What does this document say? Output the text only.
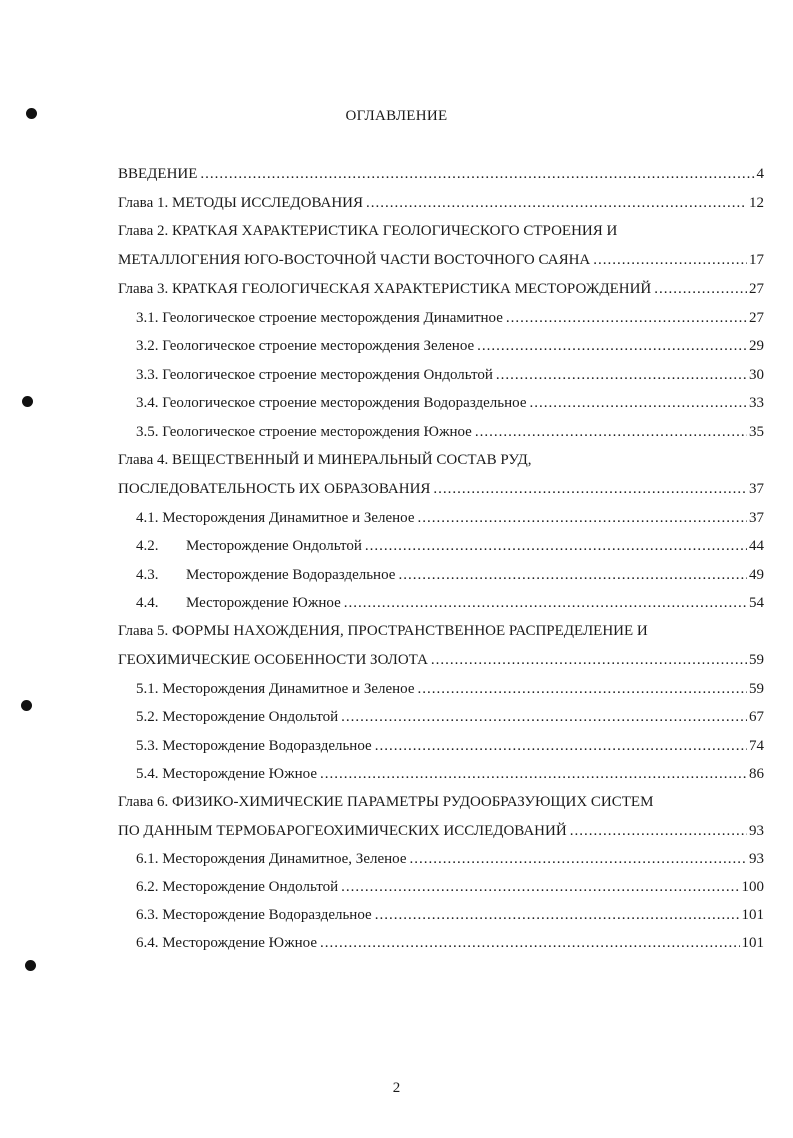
ОГЛАВЛЕНИЕ
ВВЕДЕНИЕ .....	4
Глава 1. МЕТОДЫ ИССЛЕДОВАНИЯ .....	12
Глава 2. КРАТКАЯ ХАРАКТЕРИСТИКА ГЕОЛОГИЧЕСКОГО СТРОЕНИЯ И
МЕТАЛЛОГЕНИЯ ЮГО-ВОСТОЧНОЙ ЧАСТИ ВОСТОЧНОГО САЯНА .....	17
Глава 3. КРАТКАЯ ГЕОЛОГИЧЕСКАЯ ХАРАКТЕРИСТИКА МЕСТОРОЖДЕНИЙ .....	27
3.1. Геологическое строение месторождения Динамитное .....	27
3.2. Геологическое строение месторождения Зеленое .....	29
3.3. Геологическое строение месторождения Ондольтой .....	30
3.4. Геологическое строение месторождения Водораздельное .....	33
3.5. Геологическое строение месторождения Южное .....	35
Глава 4. ВЕЩЕСТВЕННЫЙ И МИНЕРАЛЬНЫЙ СОСТАВ РУД,
ПОСЛЕДОВАТЕЛЬНОСТЬ ИХ ОБРАЗОВАНИЯ .....	37
4.1. Месторождения Динамитное и Зеленое .....	37
4.2. Месторождение Ондольтой .....	44
4.3. Месторождение Водораздельное .....	49
4.4. Месторождение Южное .....	54
Глава 5. ФОРМЫ НАХОЖДЕНИЯ, ПРОСТРАНСТВЕННОЕ РАСПРЕДЕЛЕНИЕ И
ГЕОХИМИЧЕСКИЕ ОСОБЕННОСТИ ЗОЛОТА .....	59
5.1. Месторождения Динамитное и Зеленое .....	59
5.2. Месторождение Ондольтой .....	67
5.3. Месторождение Водораздельное .....	74
5.4. Месторождение Южное .....	86
Глава 6. ФИЗИКО-ХИМИЧЕСКИЕ ПАРАМЕТРЫ РУДООБРАЗУЮЩИХ СИСТЕМ
ПО ДАННЫМ ТЕРМОБАРОГЕОХИМИЧЕСКИХ ИССЛЕДОВАНИЙ .....	93
6.1. Месторождения Динамитное, Зеленое .....	93
6.2. Месторождение Ондольтой .....	100
6.3. Месторождение Водораздельное .....	101
6.4. Месторождение Южное .....	101
2
